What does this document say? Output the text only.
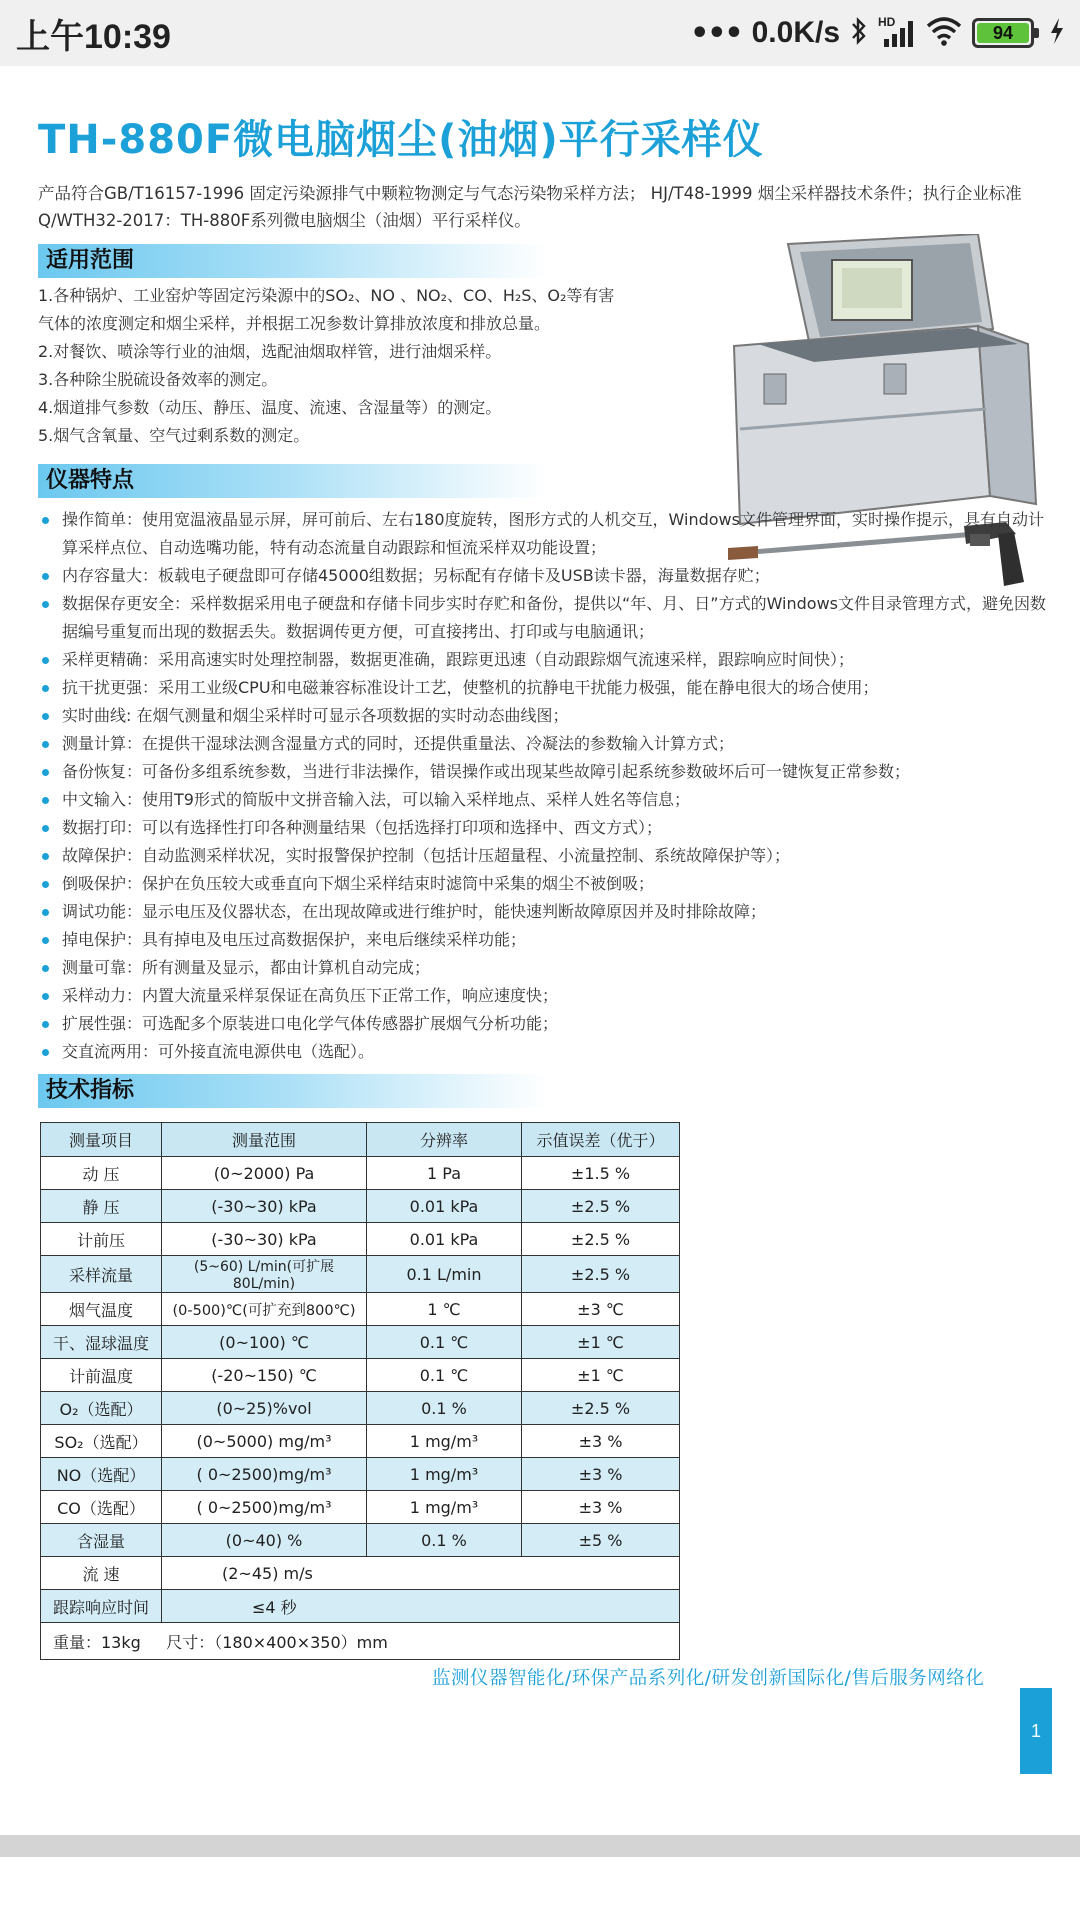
上午10:39	••• 0.0K/s	HD
94
TH-880F微电脑烟尘(油烟)平行采样仪
产品符合GB/T16157-1996 固定污染源排气中颗粒物测定与气态污染物采样方法； HJ/T48-1999 烟尘采样器技术条件；执行企业标准Q/WTH32-2017：TH-880F系列微电脑烟尘（油烟）平行采样仪。
适用范围
1.各种锅炉、工业窑炉等固定污染源中的SO₂、NO 、NO₂、CO、H₂S、O₂等有害
气体的浓度测定和烟尘采样，并根据工况参数计算排放浓度和排放总量。
2.对餐饮、喷涂等行业的油烟，选配油烟取样管，进行油烟采样。
3.各种除尘脱硫设备效率的测定。
4.烟道排气参数（动压、静压、温度、流速、含湿量等）的测定。
5.烟气含氧量、空气过剩系数的测定。
仪器特点
操作简单：使用宽温液晶显示屏，屏可前后、左右180度旋转，图形方式的人机交互，Windows文件管理界面，实时操作提示，具有自动计算采样点位、自动选嘴功能，特有动态流量自动跟踪和恒流采样双功能设置；
内存容量大：板载电子硬盘即可存储45000组数据；另标配有存储卡及USB读卡器，海量数据存贮；
数据保存更安全：采样数据采用电子硬盘和存储卡同步实时存贮和备份，提供以“年、月、日”方式的Windows文件目录管理方式，避免因数据编号重复而出现的数据丢失。数据调传更方便，可直接拷出、打印或与电脑通讯；
采样更精确：采用高速实时处理控制器，数据更准确，跟踪更迅速（自动跟踪烟气流速采样，跟踪响应时间快）；
抗干扰更强：采用工业级CPU和电磁兼容标准设计工艺，使整机的抗静电干扰能力极强，能在静电很大的场合使用；
实时曲线: 在烟气测量和烟尘采样时可显示各项数据的实时动态曲线图；
测量计算：在提供干湿球法测含湿量方式的同时，还提供重量法、冷凝法的参数输入计算方式；
备份恢复：可备份多组系统参数，当进行非法操作，错误操作或出现某些故障引起系统参数破坏后可一键恢复正常参数；
中文输入：使用T9形式的简版中文拼音输入法，可以输入采样地点、采样人姓名等信息；
数据打印：可以有选择性打印各种测量结果（包括选择打印项和选择中、西文方式）；
故障保护：自动监测采样状况，实时报警保护控制（包括计压超量程、小流量控制、系统故障保护等）；
倒吸保护：保护在负压较大或垂直向下烟尘采样结束时滤筒中采集的烟尘不被倒吸；
调试功能：显示电压及仪器状态，在出现故障或进行维护时，能快速判断故障原因并及时排除故障；
掉电保护：具有掉电及电压过高数据保护，来电后继续采样功能；
测量可靠：所有测量及显示，都由计算机自动完成；
采样动力：内置大流量采样泵保证在高负压下正常工作，响应速度快；
扩展性强：可选配多个原装进口电化学气体传感器扩展烟气分析功能；
交直流两用：可外接直流电源供电（选配）。
技术指标
测量项目	测量范围	分辨率	示值误差（优于）
动 压	(0~2000) Pa	1 Pa	±1.5 %
静 压	(-30~30) kPa	0.01 kPa	±2.5 %
计前压	(-30~30) kPa	0.01 kPa	±2.5 %
采样流量	(5~60) L/min(可扩展80L/min)	0.1 L/min	±2.5 %
烟气温度	(0-500)℃(可扩充到800℃)	1 ℃	±3 ℃
干、湿球温度	(0~100) ℃	0.1 ℃	±1 ℃
计前温度	(-20~150) ℃	0.1 ℃	±1 ℃
O₂（选配）	(0~25)%vol	0.1 %	±2.5 %
SO₂（选配）	(0~5000) mg/m³	1 mg/m³	±3 %
NO（选配）	( 0~2500)mg/m³	1 mg/m³	±3 %
CO（选配）	( 0~2500)mg/m³	1 mg/m³	±3 %
含湿量	(0~40) %	0.1 %	±5 %
流 速	(2~45) m/s		
跟踪响应时间	≤4 秒		
重量：13kg     尺寸：（180×400×350）mm			
监测仪器智能化/环保产品系列化/研发创新国际化/售后服务网络化
1
